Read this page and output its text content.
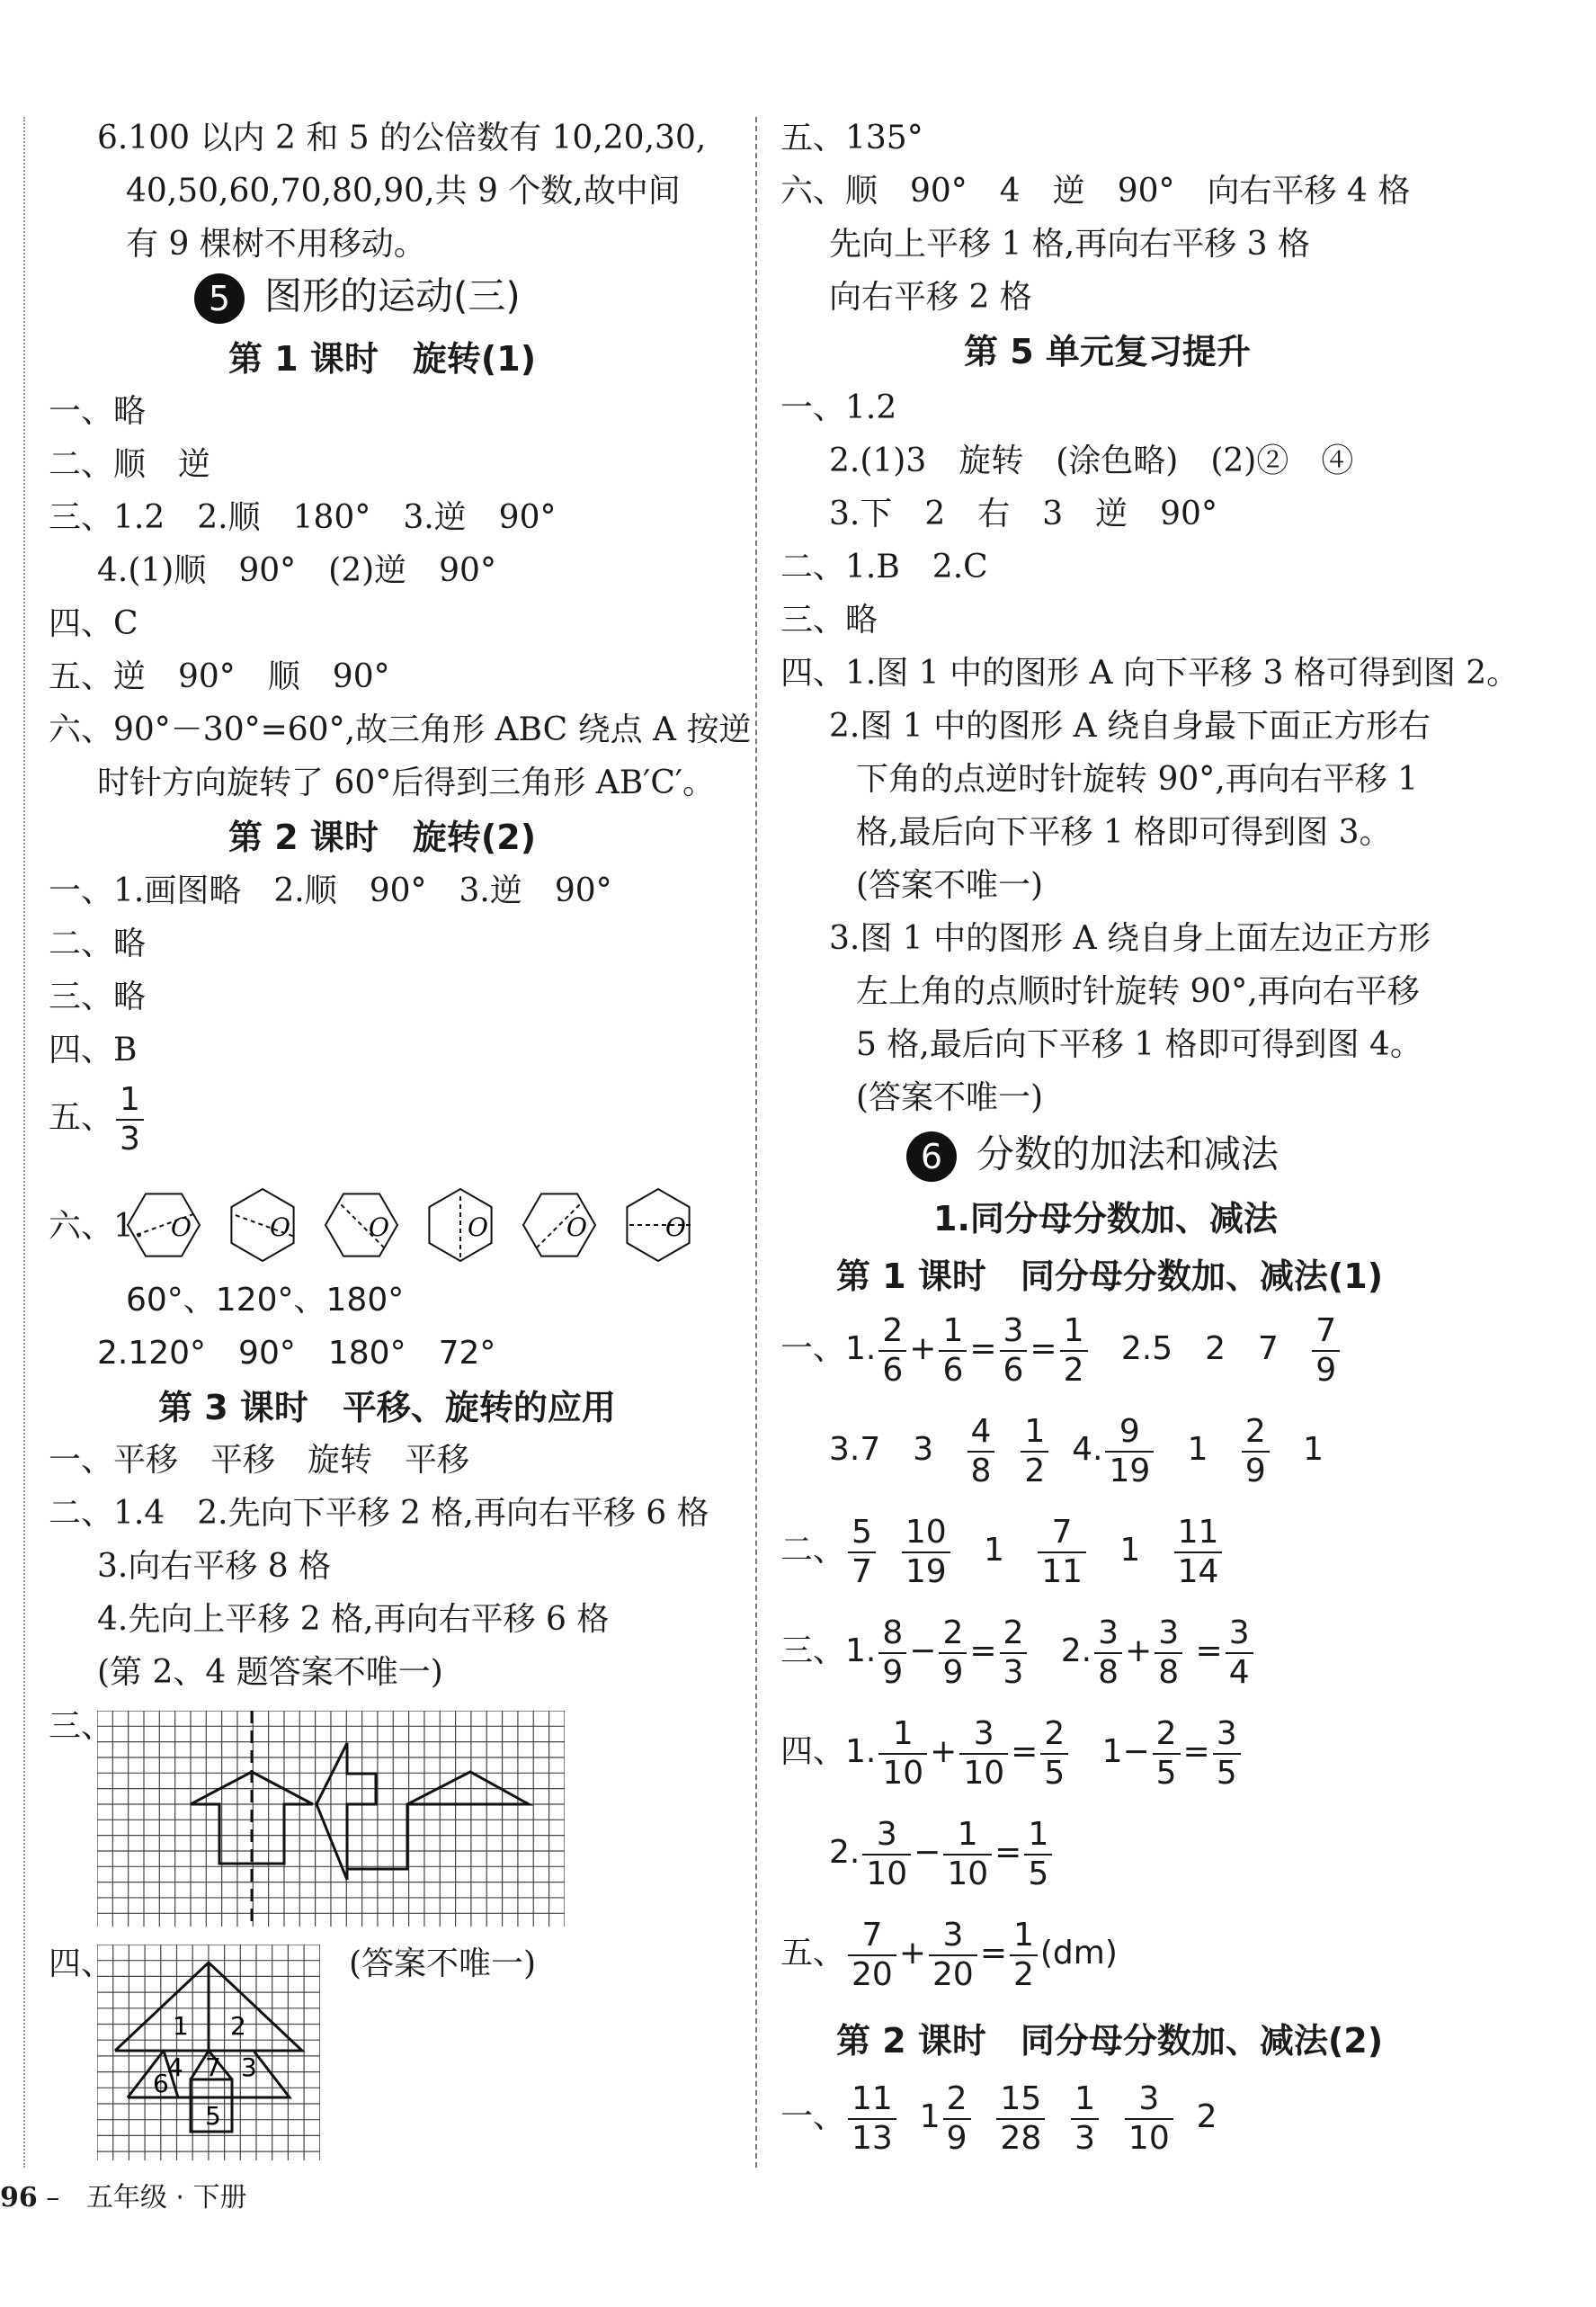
6.100 以内 2 和 5 的公倍数有 10,20,30,
40,50,60,70,80,90,共 9 个数,故中间
有 9 棵树不用移动。
5 图形的运动(三)
第 1 课时　旋转(1)
一、略
二、顺　逆
三、1.2　2.顺　180°　3.逆　90°
4.(1)顺　90°　(2)逆　90°
四、C
五、逆　90°　顺　90°
六、90°－30°=60°,故三角形 ABC 绕点 A 按逆
时针方向旋转了 60°后得到三角形 AB′C′。
第 2 课时　旋转(2)
一、1.画图略　2.顺　90°　3.逆　90°
二、略
三、略
四、B
五、 $\frac{1}{3}$
六、1. O	O	O	O	O	O
60°、120°、180°
2.120°　90°　180°　72°
第 3 课时　平移、旋转的应用
一、平移　平移　旋转　平移
二、1.4　2.先向下平移 2 格,再向右平移 6 格
3.向右平移 8 格
4.先向上平移 2 格,再向右平移 6 格
(第 2、4 题答案不唯一)
三、
四、
1 2
4 7 3
6
5
(答案不唯一)
五、135°
六、顺　90°　4　逆　90°　向右平移 4 格
先向上平移 1 格,再向右平移 3 格
向右平移 2 格
第 5 单元复习提升
一、1.2
2.(1)3　旋转　(涂色略)　(2)②　④
3.下　2　右　3　逆　90°
二、1.B　2.C
三、略
四、1.图 1 中的图形 A 向下平移 3 格可得到图 2。
2.图 1 中的图形 A 绕自身最下面正方形右
下角的点逆时针旋转 90°,再向右平移 1
格,最后向下平移 1 格即可得到图 3。
(答案不唯一)
3.图 1 中的图形 A 绕自身上面左边正方形
左上角的点顺时针旋转 90°,再向右平移
5 格,最后向下平移 1 格即可得到图 4。
(答案不唯一)
6 分数的加法和减法
1.同分母分数加、减法
第 1 课时　同分母分数加、减法(1)
一、1. $\frac{2}{6} + \frac{1}{6} = \frac{3}{6} = \frac{1}{2} 2.5$　2　$7 \frac{7}{9}$
3.7　$3 \frac{4}{8}$
$\frac{1}{2} 4$. $\frac{9}{19} 1 \frac{2}{9} 1$
二、 $\frac{5}{7}$
$\frac{10}{19} 1 \frac{7}{11} 1 \frac{11}{14}$
三、1. $\frac{8}{9} - \frac{2}{9} = \frac{2}{3} 2$. $\frac{3}{8} + \frac{3}{8} = \frac{3}{4}$
四、1. $\frac{1}{10} + \frac{3}{10} = \frac{2}{5} 1- \frac{2}{5} = \frac{3}{5}$
2. $\frac{3}{10} - \frac{1}{10} = \frac{1}{5}$
五、 $\frac{7}{20} + \frac{3}{20} = \frac{1}{2} (dm)$
一、 $\frac{11}{13} 1 \frac{2}{9}$
$\frac{15}{28}$
$\frac{1}{3}$
$\frac{3}{10} 2$
第 2 课时　同分母分数加、减法(2)
96 – 五年级 · 下册
